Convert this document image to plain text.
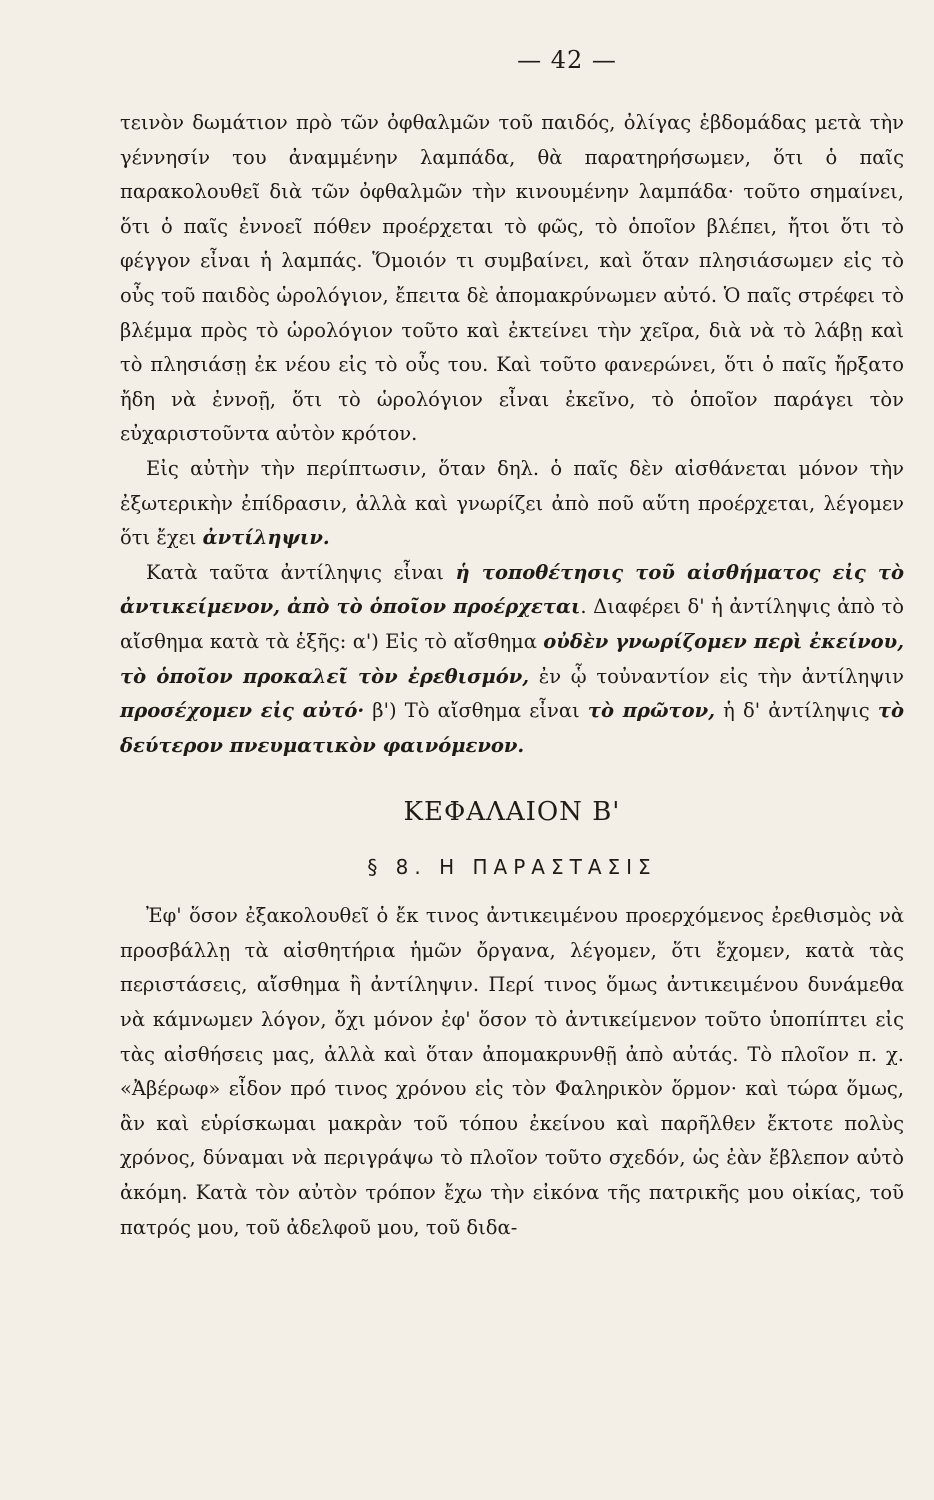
— 42 —

τεινὸν δωμάτιον πρὸ τῶν ὀφθαλμῶν τοῦ παιδός, ὀλίγας ἑβδομάδας μετὰ τὴν γέννησίν του ἀναμμένην λαμπάδα, θὰ παρατηρήσωμεν, ὅτι ὁ παῖς παρακολουθεῖ διὰ τῶν ὀφθαλμῶν τὴν κινουμένην λαμπάδα· τοῦτο σημαίνει, ὅτι ὁ παῖς ἐννοεῖ πόθεν προέρχεται τὸ φῶς, τὸ ὁποῖον βλέπει, ἤτοι ὅτι τὸ φέγγον εἶναι ἡ λαμπάς. Ὅμοιόν τι συμβαίνει, καὶ ὅταν πλησιάσωμεν εἰς τὸ οὖς τοῦ παιδὸς ὡρολόγιον, ἔπειτα δὲ ἀπομακρύνωμεν αὐτό. Ὁ παῖς στρέφει τὸ βλέμμα πρὸς τὸ ὡρολόγιον τοῦτο καὶ ἐκτείνει τὴν χεῖρα, διὰ νὰ τὸ λάβῃ καὶ τὸ πλησιάσῃ ἐκ νέου εἰς τὸ οὖς του. Καὶ τοῦτο φανερώνει, ὅτι ὁ παῖς ἤρξατο ἤδη νὰ ἐννοῇ, ὅτι τὸ ὡρολόγιον εἶναι ἐκεῖνο, τὸ ὁποῖον παράγει τὸν εὐχαριστοῦντα αὐτὸν κρότον.

Εἰς αὐτὴν τὴν περίπτωσιν, ὅταν δηλ. ὁ παῖς δὲν αἰσθάνεται μόνον τὴν ἐξωτερικὴν ἐπίδρασιν, ἀλλὰ καὶ γνωρίζει ἀπὸ ποῦ αὕτη προέρχεται, λέγομεν ὅτι ἔχει ἀντίληψιν.

Κατὰ ταῦτα ἀντίληψις εἶναι ἡ τοποθέτησις τοῦ αἰσθήματος εἰς τὸ ἀντικείμενον, ἀπὸ τὸ ὁποῖον προέρχεται. Διαφέρει δ' ἡ ἀντίληψις ἀπὸ τὸ αἴσθημα κατὰ τὰ ἑξῆς: α') Εἰς τὸ αἴσθημα οὐδὲν γνωρίζομεν περὶ ἐκείνου, τὸ ὁποῖον προκαλεῖ τὸν ἐρεθισμόν, ἐν ᾧ τοὐναντίον εἰς τὴν ἀντίληψιν προσέχομεν εἰς αὐτό· β') Τὸ αἴσθημα εἶναι τὸ πρῶτον, ἡ δ' ἀντίληψις τὸ δεύτερον πνευματικὸν φαινόμενον.

ΚΕΦΑΛΑΙΟΝ Β'
§ 8. Η ΠΑΡΑΣΤΑΣΙΣ

Ἐφ' ὅσον ἐξακολουθεῖ ὁ ἔκ τινος ἀντικειμένου προερχόμενος ἐρεθισμὸς νὰ προσβάλλῃ τὰ αἰσθητήρια ἡμῶν ὄργανα, λέγομεν, ὅτι ἔχομεν, κατὰ τὰς περιστάσεις, αἴσθημα ἢ ἀντίληψιν. Περί τινος ὅμως ἀντικειμένου δυνάμεθα νὰ κάμνωμεν λόγον, ὄχι μόνον ἐφ' ὅσον τὸ ἀντικείμενον τοῦτο ὑποπίπτει εἰς τὰς αἰσθήσεις μας, ἀλλὰ καὶ ὅταν ἀπομακρυνθῇ ἀπὸ αὐτάς. Τὸ πλοῖον π. χ. «Ἀβέρωφ» εἶδον πρό τινος χρόνου εἰς τὸν Φαληρικὸν ὅρμον· καὶ τώρα ὅμως, ἂν καὶ εὑρίσκωμαι μακρὰν τοῦ τόπου ἐκείνου καὶ παρῆλθεν ἔκτοτε πολὺς χρόνος, δύναμαι νὰ περιγράψω τὸ πλοῖον τοῦτο σχεδόν, ὡς ἐὰν ἔβλεπον αὐτὸ ἀκόμη. Κατὰ τὸν αὐτὸν τρόπον ἔχω τὴν εἰκόνα τῆς πατρικῆς μου οἰκίας, τοῦ πατρός μου, τοῦ ἀδελφοῦ μου, τοῦ διδα-
